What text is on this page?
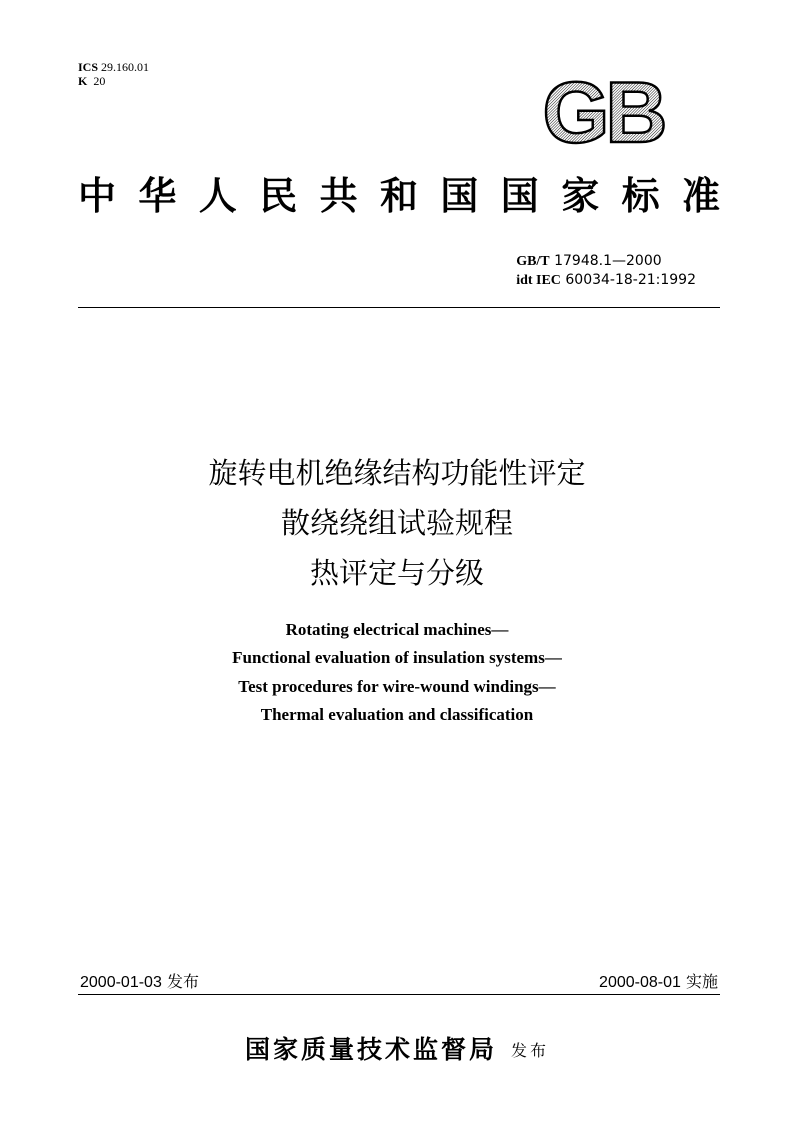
ICS 29.160.01
K 20	GB
中华人民共和国国家标准
GB/T 17948.1—2000
idt IEC 60034-18-21:1992
旋转电机绝缘结构功能性评定
散绕绕组试验规程
热评定与分级
Rotating electrical machines—
Functional evaluation of insulation systems—
Test procedures for wire-wound windings—
Thermal evaluation and classification
2000-01-03 发布	2000-08-01 实施
国家质量技术监督局 发布
